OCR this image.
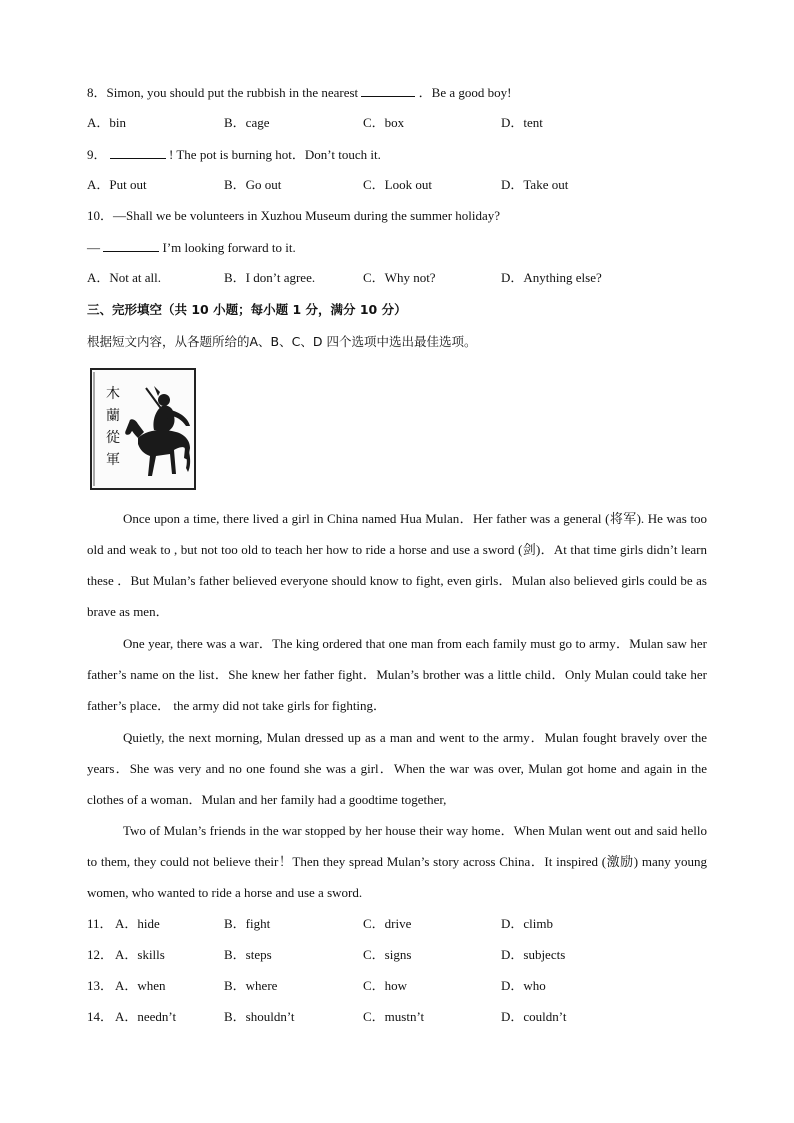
8．Simon, you should put the rubbish in the nearest	．Be a good boy!
A．bin	B．cage	C．box	D．tent
9．	! The pot is burning hot．Don’t touch it.
A．Put out	B．Go out	C．Look out	D．Take out
10．—Shall we be volunteers in Xuzhou Museum during the summer holiday?
—	I’m looking forward to it.
A．Not at all.	B．I don’t agree.	C．Why not?	D．Anything else?
三、完形填空（共 10 小题；每小题 1 分，满分 10 分）
根据短文内容，从各题所给的A、B、C、D 四个选项中选出最佳选项。
木
蘭
從
軍
Once upon a time, there lived a girl in China named Hua Mulan．Her father was a general (将军). He was too old and weak to , but not too old to teach her how to ride a horse and use a sword (剑)．At that time girls didn’t learn these ．But Mulan’s father believed everyone should know to fight, even girls．Mulan also believed girls could be as brave as men．
One year, there was a war．The king ordered that one man from each family must go to army．Mulan saw her father’s name on the list．She knew her father fight．Mulan’s brother was a little child．Only Mulan could take her father’s place． the army did not take girls for fighting．
Quietly, the next morning, Mulan dressed up as a man and went to the army．Mulan fought bravely over the years．She was very and no one found she was a girl．When the war was over, Mulan got home and again in the clothes of a woman．Mulan and her family had a goodtime together,
Two of Mulan’s friends in the war stopped by her house their way home．When Mulan went out and said hello to them, they could not believe their！Then they spread Mulan’s story across China．It inspired (激励) many young women, who wanted to ride a horse and use a sword.
11． A．hide	B．fight	C．drive	D．climb
12． A．skills	B．steps	C．signs	D．subjects
13． A．when	B．where	C．how	D．who
14． A．needn’t	B．shouldn’t	C．mustn’t	D．couldn’t
